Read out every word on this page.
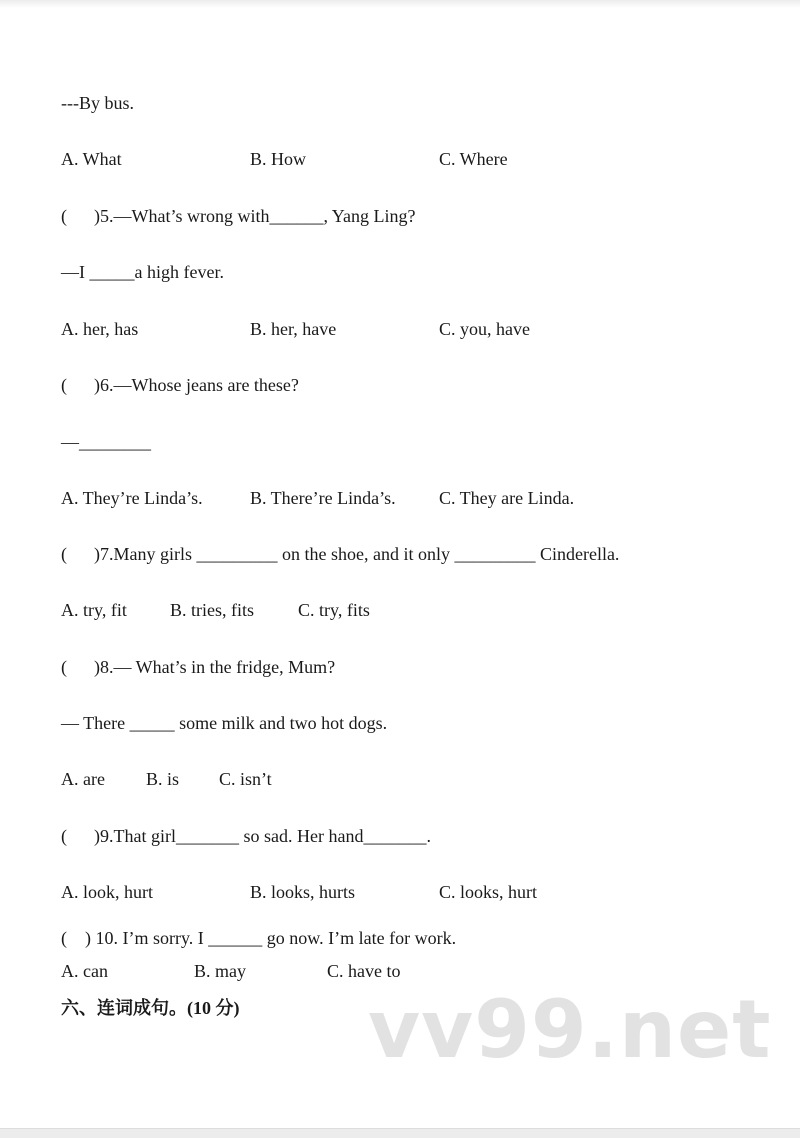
---By bus.
A. What	B. How	C. Where
(      )5.—What’s wrong with______, Yang Ling?
—I _____a high fever.
A. her, has	B. her, have	C. you, have
(      )6.—Whose jeans are these?
—________
A. They’re Linda’s.	B. There’re Linda’s. C. They are Linda.
(      )7.Many girls _________ on the shoe, and it only _________ Cinderella.
A. try, fit B. tries, fits C. try, fits
(      )8.— What’s in the fridge, Mum?
— There _____ some milk and two hot dogs.
A. are B. is C. isn’t
(      )9.That girl_______ so sad. Her hand_______.
A. look, hurt	B. looks, hurts	C. looks, hurt
(    ) 10. I’m sorry. I ______ go now. I’m late for work.
A. can	B. may	C. have to
六、连词成句。(10 分) vv99.net
